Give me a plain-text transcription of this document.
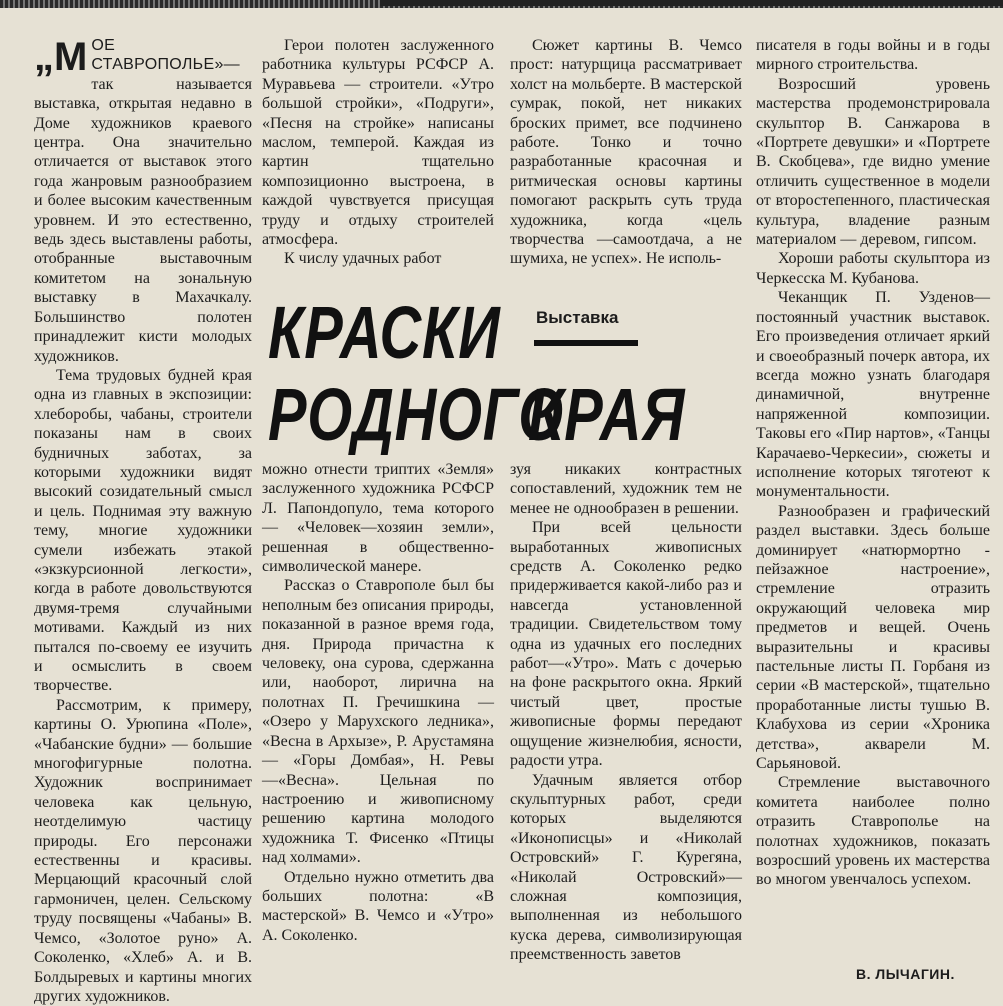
„МОЕ СТАВРОПОЛЬЕ»— так называется выставка, открытая недавно в Доме художников краевого центра. Она значительно отличается от выставок этого года жанровым разнообразием и более высоким качественным уровнем. И это естественно, ведь здесь выставлены работы, отобранные выставочным комитетом на зональную выставку в Махачкалу. Большинство полотен принадлежит кисти молодых художников.

Тема трудовых будней края одна из главных в экспозиции: хлеборобы, чабаны, строители показаны нам в своих будничных заботах, за которыми художники видят высокий созидательный смысл и цель. Поднимая эту важную тему, многие художники сумели избежать этакой «экзкурсионной легкости», когда в работе довольствуются двумя-тремя случайными мотивами. Каждый из них пытался по-своему ее изучить и осмыслить в своем творчестве.

Рассмотрим, к примеру, картины О. Урюпина «Поле», «Чабанские будни» — большие многофигурные полотна. Художник воспринимает человека как цельную, неотделимую частицу природы. Его персонажи естественны и красивы. Мерцающий красочный слой гармоничен, целен. Сельскому труду посвящены «Чабаны» В. Чемсо, «Золотое руно» А. Соколенко, «Хлеб» А. и В. Болдыревых и картины многих других художников.

Герои полотен заслуженного работника культуры РСФСР А. Муравьева — строители. «Утро большой стройки», «Подруги», «Песня на стройке» написаны маслом, темперой. Каждая из картин тщательно композиционно выстроена, в каждой чувствуется присущая труду и отдыху строителей атмосфера.

К числу удачных работ

Сюжет картины В. Чемсо прост: натурщица рассматривает холст на мольберте. В мастерской сумрак, покой, нет никаких броских примет, все подчинено работе. Тонко и точно разработанные красочная и ритмическая основы картины помогают раскрыть суть труда художника, когда «цель творчества —самоотдача, а не шумиха, не успех». Не исполь-

КРАСКИ Выставка
РОДНОГО
КРАЯ

можно отнести триптих «Земля» заслуженного художника РСФСР Л. Папондопуло, тема которого — «Человек—хозяин земли», решенная в общественно-символической манере.

Рассказ о Ставрополе был бы неполным без описания природы, показанной в разное время года, дня. Природа причастна к человеку, она сурова, сдержанна или, наоборот, лирична на полотнах П. Гречишкина — «Озеро у Марухского ледника», «Весна в Архызе», Р. Арустамяна — «Горы Домбая», Н. Ревы—«Весна». Цельная по настроению и живописному решению картина молодого художника Т. Фисенко «Птицы над холмами».

Отдельно нужно отметить два больших полотна: «В мастерской» В. Чемсо и «Утро» А. Соколенко.

зуя никаких контрастных сопоставлений, художник тем не менее не однообразен в решении.

При всей цельности выработанных живописных средств А. Соколенко редко придерживается какой-либо раз и навсегда установленной традиции. Свидетельством тому одна из удачных его последних работ—«Утро». Мать с дочерью на фоне раскрытого окна. Яркий чистый цвет, простые живописные формы передают ощущение жизнелюбия, ясности, радости утра.

Удачным является отбор скульптурных работ, среди которых выделяются «Иконописцы» и «Николай Островский» Г. Курегяна, «Николай Островский»—сложная композиция, выполненная из небольшого куска дерева, символизирующая преемственность заветов

писателя в годы войны и в годы мирного строительства.

Возросший уровень мастерства продемонстрировала скульптор В. Санжарова в «Портрете девушки» и «Портрете В. Скобцева», где видно умение отличить существенное в модели от второстепенного, пластическая культура, владение разным материалом — деревом, гипсом.

Хороши работы скульптора из Черкесска М. Кубанова.

Чеканщик П. Узденов—постоянный участник выставок. Его произведения отличает яркий и своеобразный почерк автора, их всегда можно узнать благодаря динамичной, внутренне напряженной композиции. Таковы его «Пир нартов», «Танцы Карачаево-Черкесии», сюжеты и исполнение которых тяготеют к монументальности.

Разнообразен и графический раздел выставки. Здесь больше доминирует «натюрмортно - пейзажное настроение», стремление отразить окружающий человека мир предметов и вещей. Очень выразительны и красивы пастельные листы П. Горбаня из серии «В мастерской», тщательно проработанные листы тушью В. Клабухова из серии «Хроника детства», акварели М. Сарьяновой.

Стремление выставочного комитета наиболее полно отразить Ставрополье на полотнах художников, показать возросший уровень их мастерства во многом увенчалось успехом.

В. ЛЫЧАГИН.
